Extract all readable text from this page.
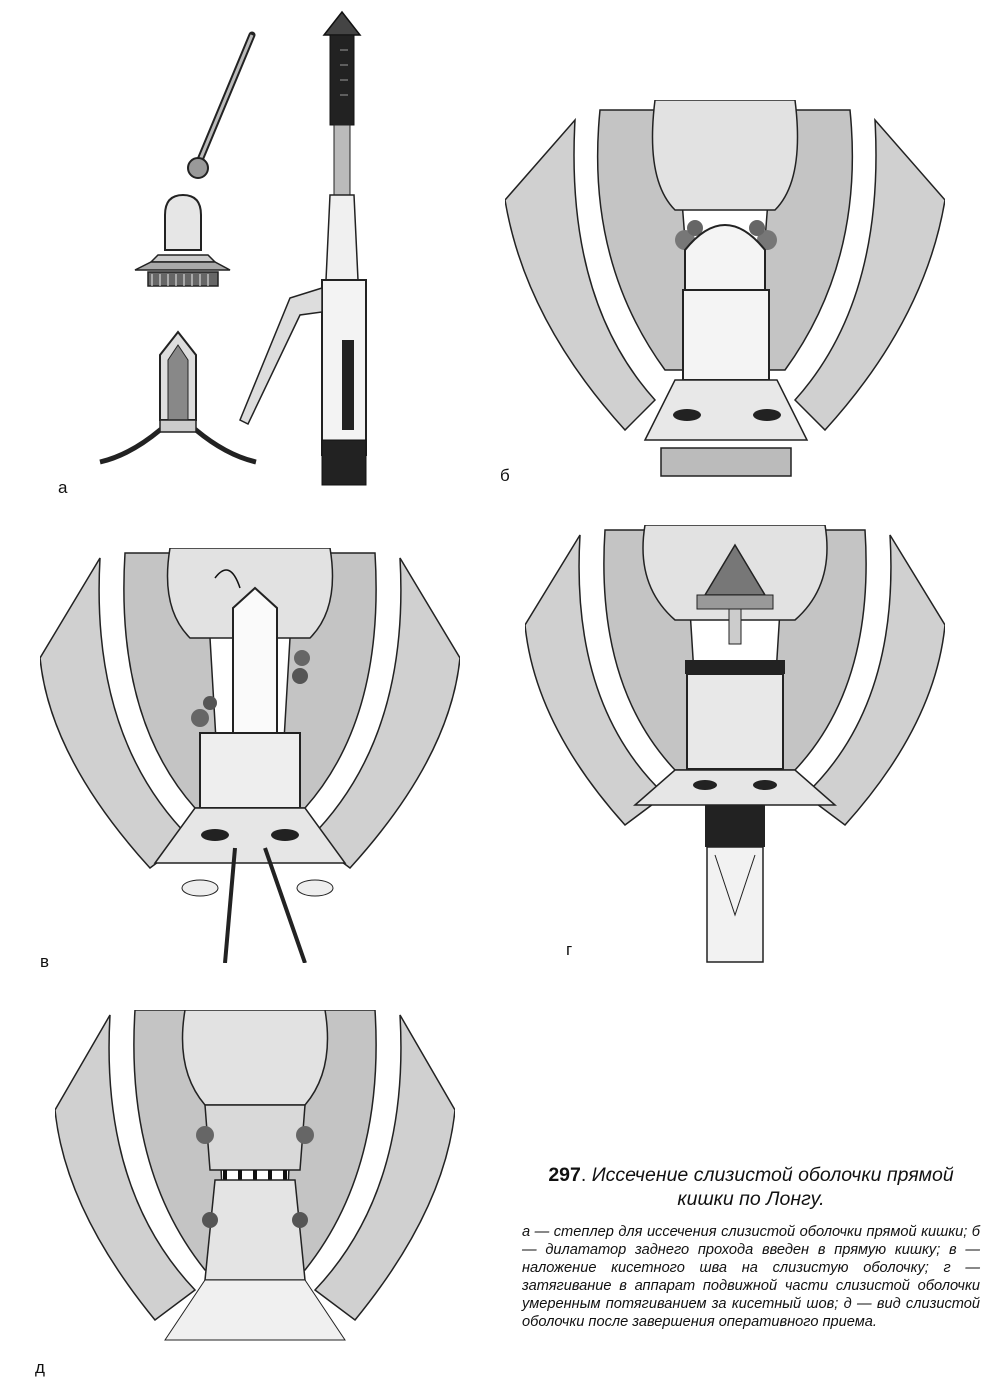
а
б
в
г
д

297. Иссечение слизистой оболочки прямой кишки по Лонгу.

а — степлер для иссечения слизистой оболочки прямой кишки; б — дилататор заднего прохода введен в прямую кишку; в — наложение кисетного шва на слизистую оболочку; г — затягивание в аппарат подвижной части слизистой оболочки умеренным потягиванием за кисетный шов; д — вид слизистой оболочки после завершения оперативного приема.
